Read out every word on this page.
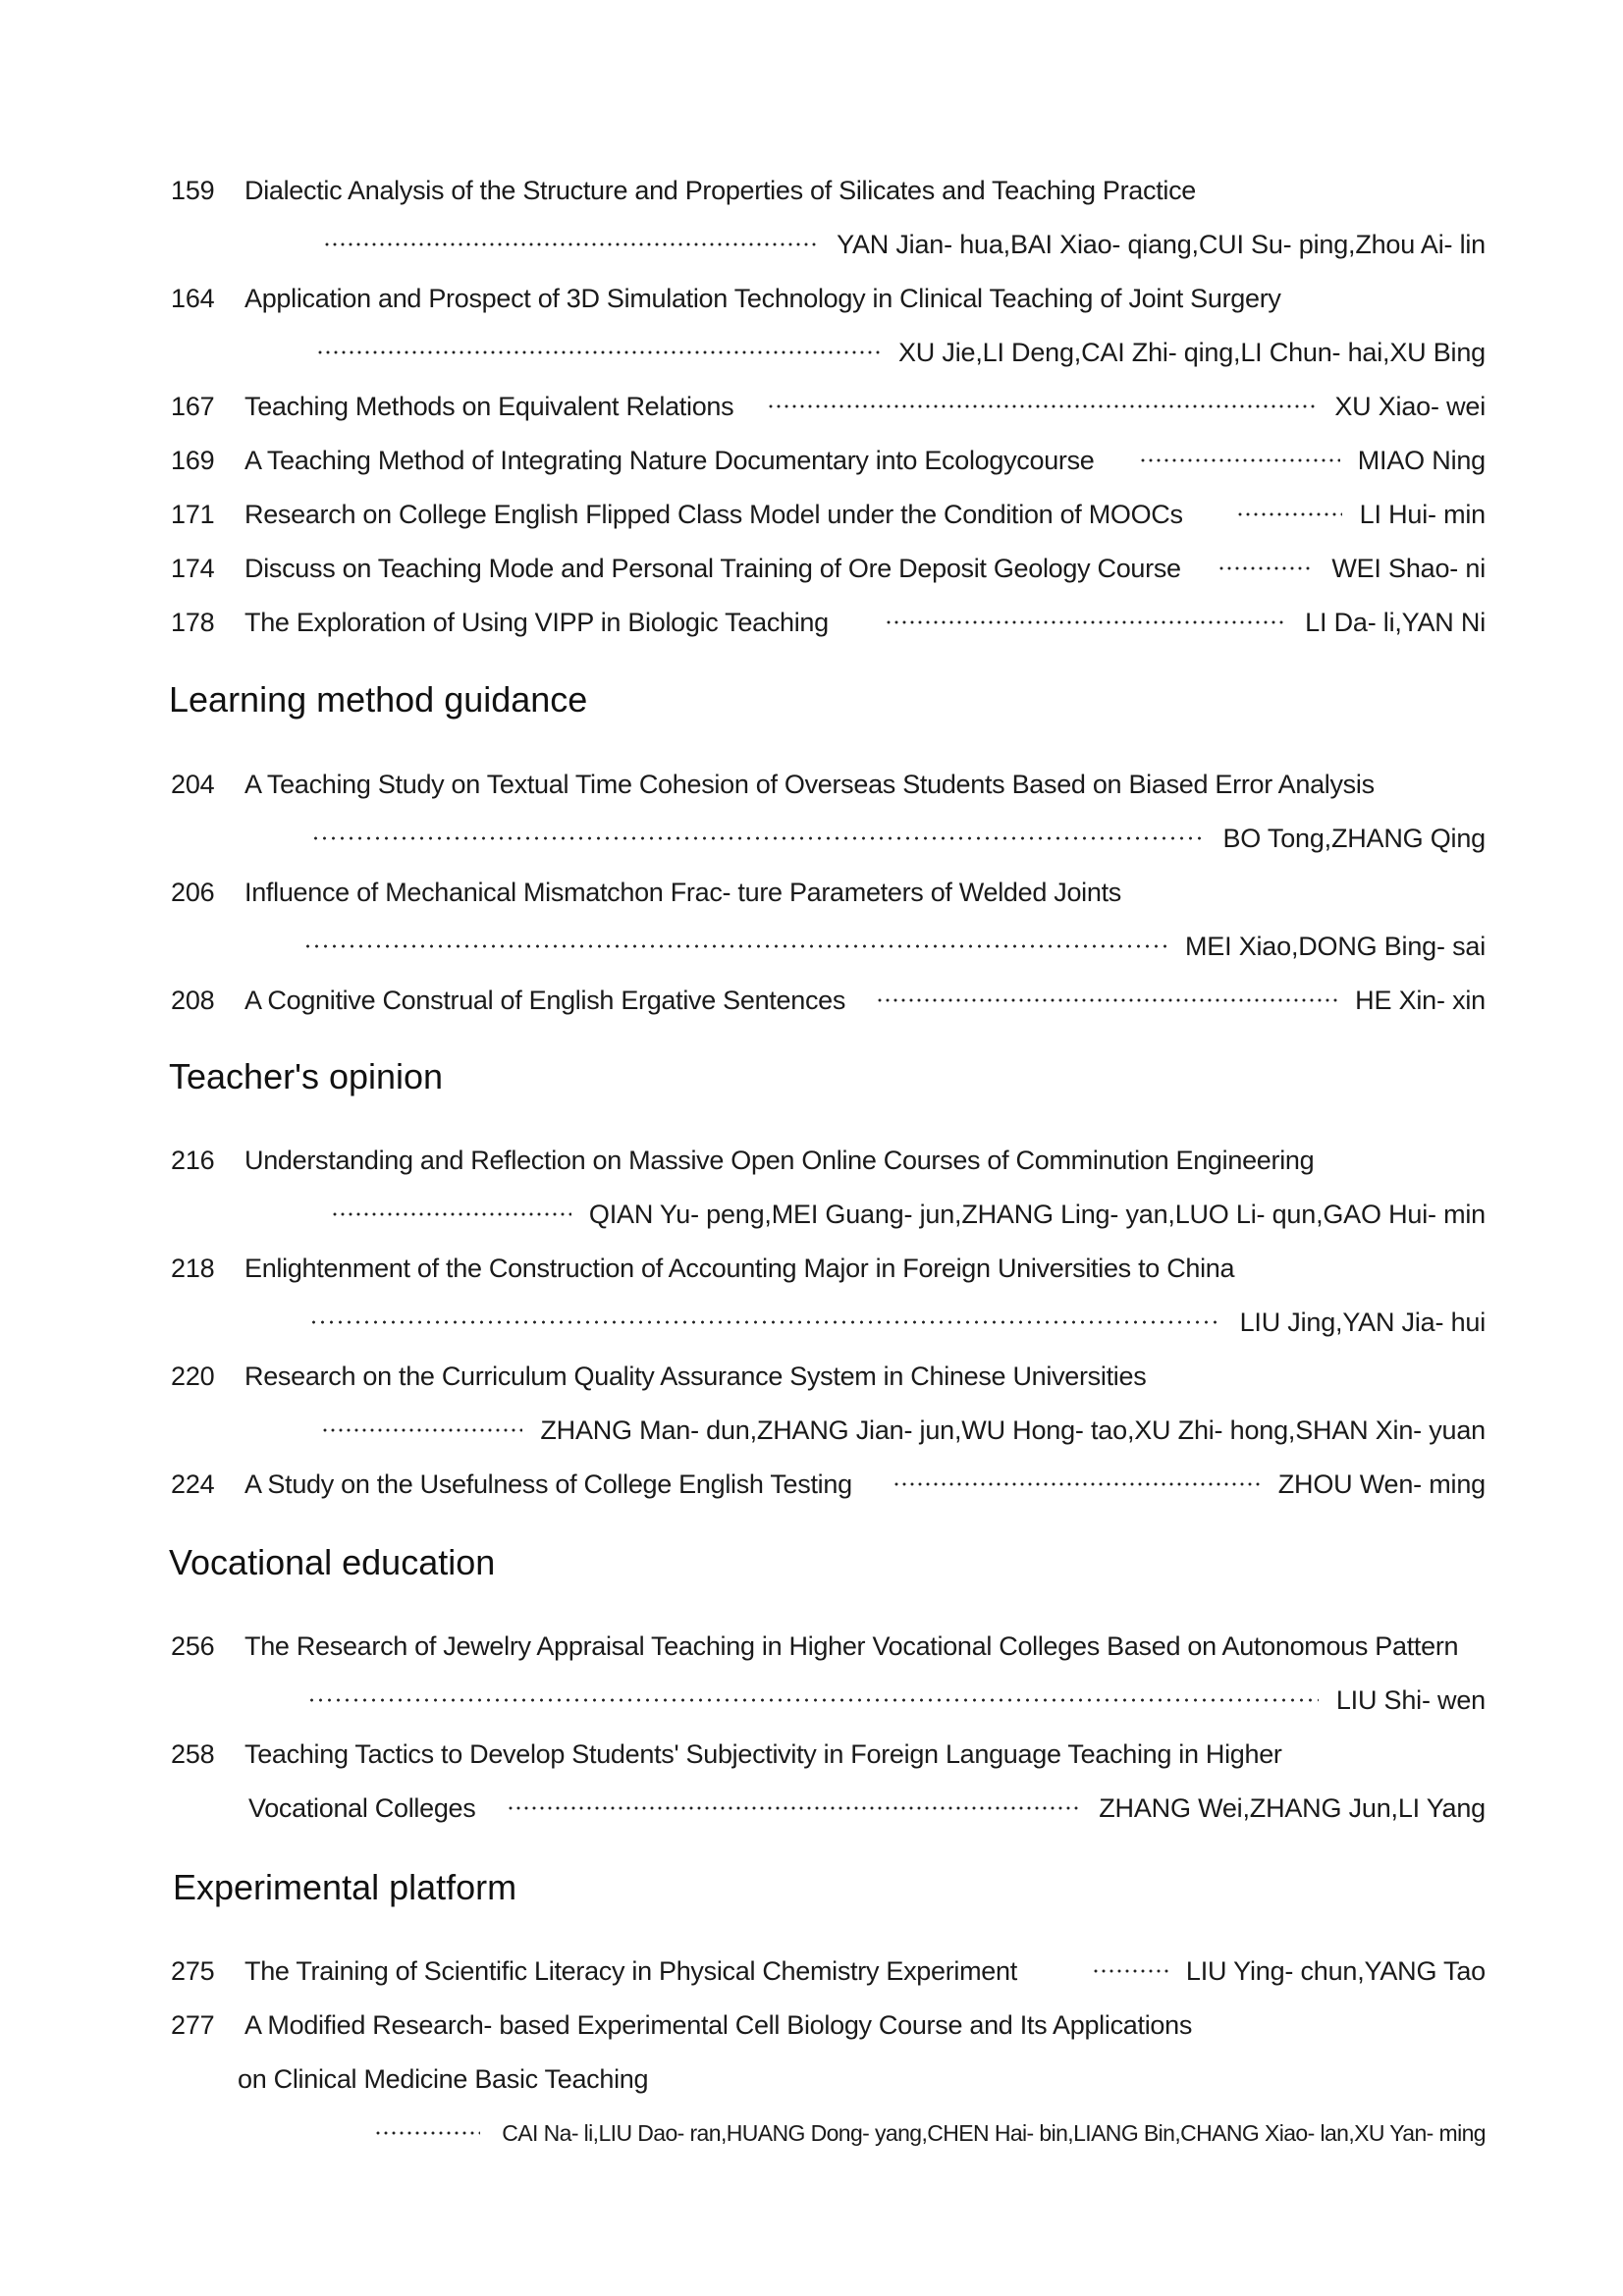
159 Dialectic Analysis of the Structure and Properties of Silicates and Teaching Practice
YAN Jian- hua,BAI Xiao- qiang,CUI Su- ping,Zhou Ai- lin
164 Application and Prospect of 3D Simulation Technology in Clinical Teaching of Joint Surgery
XU Jie,LI Deng,CAI Zhi- qing,LI Chun- hai,XU Bing
167 Teaching Methods on Equivalent Relations	XU Xiao- wei
169 A Teaching Method of Integrating Nature Documentary into Ecologycourse	MIAO Ning
171 Research on College English Flipped Class Model under the Condition of MOOCs	LI Hui- min
174 Discuss on Teaching Mode and Personal Training of Ore Deposit Geology Course	WEI Shao- ni
178 The Exploration of Using VIPP in Biologic Teaching	LI Da- li,YAN Ni
Learning method guidance
204 A Teaching Study on Textual Time Cohesion of Overseas Students Based on Biased Error Analysis
BO Tong,ZHANG Qing
206 Influence of Mechanical Mismatchon Frac- ture Parameters of Welded Joints
MEI Xiao,DONG Bing- sai
208 A Cognitive Construal of English Ergative Sentences	HE Xin- xin
Teacher's opinion
216 Understanding and Reflection on Massive Open Online Courses of Comminution Engineering
QIAN Yu- peng,MEI Guang- jun,ZHANG Ling- yan,LUO Li- qun,GAO Hui- min
218 Enlightenment of the Construction of Accounting Major in Foreign Universities to China
LIU Jing,YAN Jia- hui
220 Research on the Curriculum Quality Assurance System in Chinese Universities
ZHANG Man- dun,ZHANG Jian- jun,WU Hong- tao,XU Zhi- hong,SHAN Xin- yuan
224 A Study on the Usefulness of College English Testing	ZHOU Wen- ming
Vocational education
256 The Research of Jewelry Appraisal Teaching in Higher Vocational Colleges Based on Autonomous Pattern
LIU Shi- wen
258 Teaching Tactics to Develop Students' Subjectivity in Foreign Language Teaching in Higher
Vocational Colleges	ZHANG Wei,ZHANG Jun,LI Yang
Experimental platform
275 The Training of Scientific Literacy in Physical Chemistry Experiment	LIU Ying- chun,YANG Tao
277 A Modified Research- based Experimental Cell Biology Course and Its Applications
on Clinical Medicine Basic Teaching
CAI Na- li,LIU Dao- ran,HUANG Dong- yang,CHEN Hai- bin,LIANG Bin,CHANG Xiao- lan,XU Yan- ming
